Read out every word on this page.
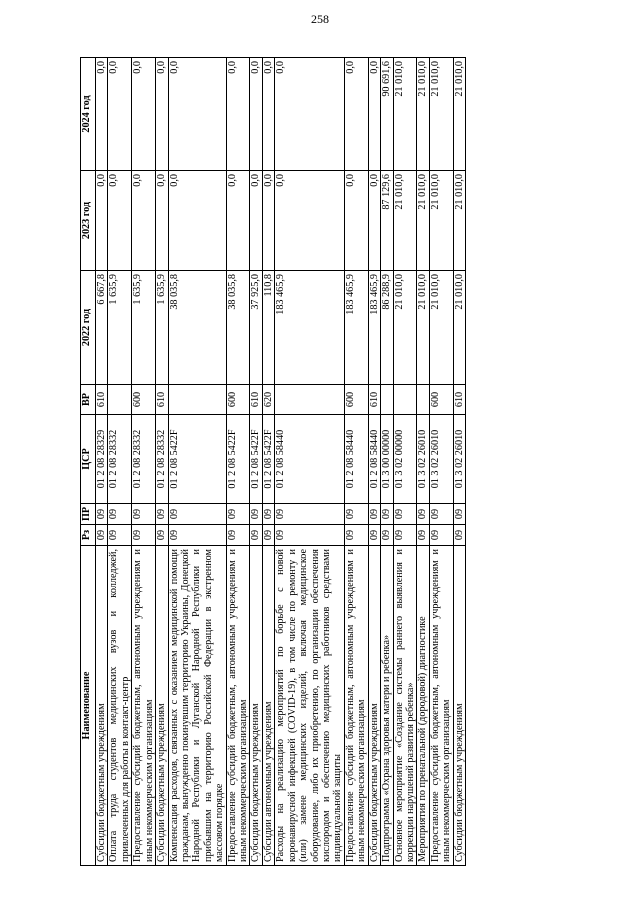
258
Наименование	Рз	ПР	ЦСР	ВР	2022 год	2023 год	2024 год
Субсидии бюджетным учреждениям	09	09	01 2 08 28329	610	6 667,8	0,0	0,0
Оплата труда студентов медицинских вузов и колледжей, привлеченных для работы в контакт-центр	09	09	01 2 08 28332		1 635,9	0,0	0,0
Предоставление субсидий бюджетным, автономным учреждениям и иным некоммерческим организациям	09	09	01 2 08 28332	600	1 635,9	0,0	0,0
Субсидии бюджетным учреждениям	09	09	01 2 08 28332	610	1 635,9	0,0	0,0
Компенсация расходов, связанных с оказанием медицинской помощи гражданам, вынужденно покинувшим территорию Украины, Донецкой Народной Республики и Луганской Народной Республики и прибывшим на территорию Российской Федерации в экстренном массовом порядке	09	09	01 2 08 5422F		38 035,8	0,0	0,0
Предоставление субсидий бюджетным, автономным учреждениям и иным некоммерческим организациям	09	09	01 2 08 5422F	600	38 035,8	0,0	0,0
Субсидии бюджетным учреждениям	09	09	01 2 08 5422F	610	37 925,0	0,0	0,0
Субсидии автономным учреждениям	09	09	01 2 08 5422F	620	110,8	0,0	0,0
Расходы на реализацию мероприятий по борьбе с новой коронавирусной инфекцией (COVID-19), в том числе по ремонту и (или) замене медицинских изделий, включая медицинское оборудование, либо их приобретению, по организации обеспечения кислородом и обеспечению медицинских работников средствами индивидуальной защиты	09	09	01 2 08 58440		183 465,9	0,0	0,0
Предоставление субсидий бюджетным, автономным учреждениям и иным некоммерческим организациям	09	09	01 2 08 58440	600	183 465,9	0,0	0,0
Субсидии бюджетным учреждениям	09	09	01 2 08 58440	610	183 465,9	0,0	0,0
Подпрограмма «Охрана здоровья матери и ребенка»	09	09	01 3 00 00000		86 288,9	87 129,6	90 691,6
Основное мероприятие «Создание системы раннего выявления и коррекции нарушений развития ребенка»	09	09	01 3 02 00000		21 010,0	21 010,0	21 010,0
Мероприятия по пренатальной (дородовой) диагностике	09	09	01 3 02 26010		21 010,0	21 010,0	21 010,0
Предоставление субсидий бюджетным, автономным учреждениям и иным некоммерческим организациям	09	09	01 3 02 26010	600	21 010,0	21 010,0	21 010,0
Субсидии бюджетным учреждениям	09	09	01 3 02 26010	610	21 010,0	21 010,0	21 010,0
